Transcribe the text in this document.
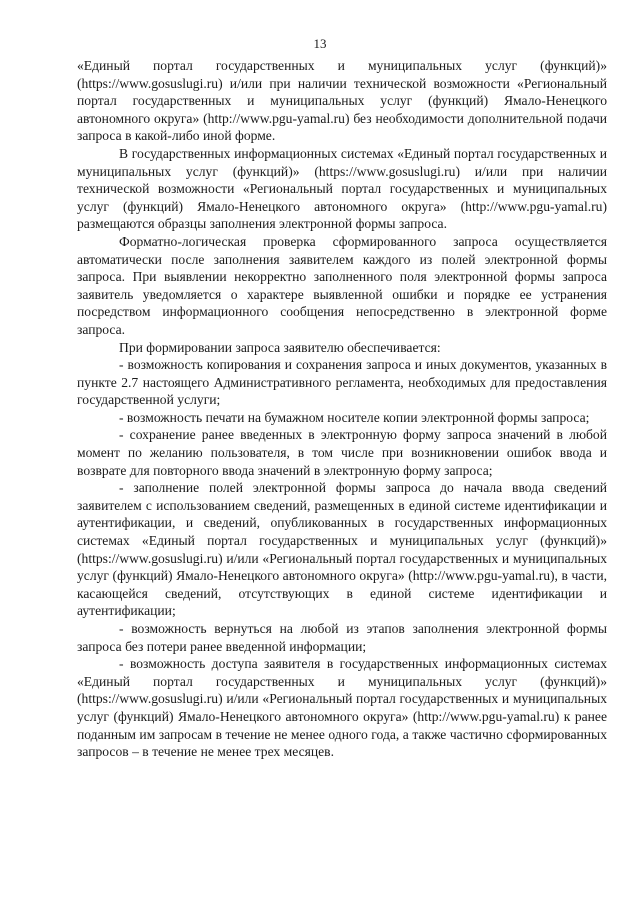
13

«Единый портал государственных и муниципальных услуг (функций)» (https://www.gosuslugi.ru) и/или при наличии технической возможности «Региональный портал государственных и муниципальных услуг (функций) Ямало-Ненецкого автономного округа» (http://www.pgu-yamal.ru) без необходимости дополнительной подачи запроса в какой-либо иной форме.

В государственных информационных системах «Единый портал государственных и муниципальных услуг (функций)» (https://www.gosuslugi.ru) и/или при наличии технической возможности «Региональный портал государственных и муниципальных услуг (функций) Ямало-Ненецкого автономного округа» (http://www.pgu-yamal.ru) размещаются образцы заполнения электронной формы запроса.

Форматно-логическая проверка сформированного запроса осуществляется автоматически после заполнения заявителем каждого из полей электронной формы запроса. При выявлении некорректно заполненного поля электронной формы запроса заявитель уведомляется о характере выявленной ошибки и порядке ее устранения посредством информационного сообщения непосредственно в электронной форме запроса.

При формировании запроса заявителю обеспечивается:

- возможность копирования и сохранения запроса и иных документов, указанных в пункте 2.7 настоящего Административного регламента, необходимых для предоставления государственной услуги;

- возможность печати на бумажном носителе копии электронной формы запроса;

- сохранение ранее введенных в электронную форму запроса значений в любой момент по желанию пользователя, в том числе при возникновении ошибок ввода и возврате для повторного ввода значений в электронную форму запроса;

- заполнение полей электронной формы запроса до начала ввода сведений заявителем с использованием сведений, размещенных в единой системе идентификации и аутентификации, и сведений, опубликованных в государственных информационных системах «Единый портал государственных и муниципальных услуг (функций)» (https://www.gosuslugi.ru) и/или «Региональный портал государственных и муниципальных услуг (функций) Ямало-Ненецкого автономного округа» (http://www.pgu-yamal.ru), в части, касающейся сведений, отсутствующих в единой системе идентификации и аутентификации;

- возможность вернуться на любой из этапов заполнения электронной формы запроса без потери ранее введенной информации;

- возможность доступа заявителя в государственных информационных системах «Единый портал государственных и муниципальных услуг (функций)» (https://www.gosuslugi.ru) и/или «Региональный портал государственных и муниципальных услуг (функций) Ямало-Ненецкого автономного округа» (http://www.pgu-yamal.ru) к ранее поданным им запросам в течение не менее одного года, а также частично сформированных запросов – в течение не менее трех месяцев.
